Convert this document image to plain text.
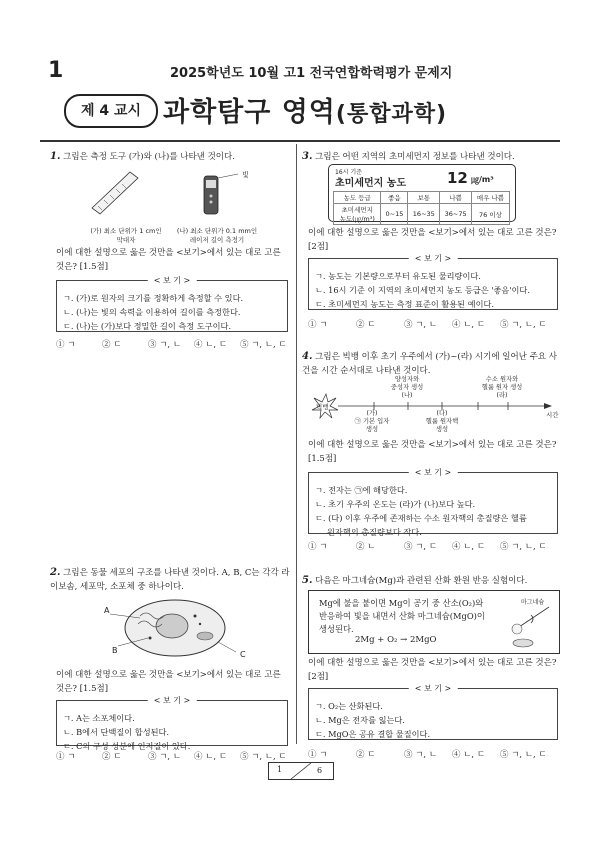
1	2025학년도 10월 고1 전국연합학력평가 문제지
제 4 교시 과학탐구 영역(통합과학)
1. 그림은 측정 도구 (가)와 (나)를 나타낸 것이다.
빛
(가) 최소 단위가 1 cm인
막대자
(나) 최소 단위가 0.1 mm인
레이저 길이 측정기
이에 대한 설명으로 옳은 것만을 <보기>에서 있는 대로 고른 것은? [1.5점]
< 보 기 >
ㄱ. (가)로 원자의 크기를 정확하게 측정할 수 있다.
ㄴ. (나)는 빛의 속력을 이용하여 길이를 측정한다.
ㄷ. (나)는 (가)보다 정밀한 길이 측정 도구이다.
① ㄱ	② ㄷ	③ ㄱ, ㄴ	④ ㄴ, ㄷ	⑤ ㄱ, ㄴ, ㄷ
2. 그림은 동물 세포의 구조를 나타낸 것이다. A, B, C는 각각 라이보솜, 세포막, 소포체 중 하나이다.
A
B	C
이에 대한 설명으로 옳은 것만을 <보기>에서 있는 대로 고른 것은? [1.5점]
< 보 기 >
ㄱ. A는 소포체이다.
ㄴ. B에서 단백질이 합성된다.
ㄷ. C의 구성 성분에 인지질이 있다.
① ㄱ	② ㄷ	③ ㄱ, ㄴ	④ ㄴ, ㄷ	⑤ ㄱ, ㄴ, ㄷ
3. 그림은 어떤 지역의 초미세먼지 정보를 나타낸 것이다.
16시 기준
초미세먼지 농도	12 ㎍/m³
농도 등급	좋음	보통	나쁨	매우 나쁨

초미세먼지
농도(㎍/m³)	0~15	16~35	36~75	76 이상
이에 대한 설명으로 옳은 것만을 <보기>에서 있는 대로 고른 것은? [2점]
< 보 기 >
ㄱ. 농도는 기본량으로부터 유도된 물리량이다.
ㄴ. 16시 기준 이 지역의 초미세먼지 농도 등급은 '좋음'이다.
ㄷ. 초미세먼지 농도는 측정 표준이 활용된 예이다.
① ㄱ	② ㄷ	③ ㄱ, ㄴ	④ ㄴ, ㄷ	⑤ ㄱ, ㄴ, ㄷ
4. 그림은 빅뱅 이후 초기 우주에서 (가)~(라) 시기에 일어난 주요 사건을 시간 순서대로 나타낸 것이다.
빅뱅
시간
양성자와
중성자 생성
(나)
수소 원자와
헬륨 원자 생성
(라)
(가)
㉠ 기본 입자
생성
(다)
헬륨 원자핵
생성
이에 대한 설명으로 옳은 것만을 <보기>에서 있는 대로 고른 것은? [1.5점]
< 보 기 >
ㄱ. 전자는 ㉠에 해당한다.
ㄴ. 초기 우주의 온도는 (라)가 (나)보다 높다.
ㄷ. (다) 이후 우주에 존재하는 수소 원자핵의 총질량은 헬륨
원자핵의 총질량보다 작다.
① ㄱ	② ㄴ	③ ㄱ, ㄷ	④ ㄴ, ㄷ	⑤ ㄱ, ㄴ, ㄷ
5. 다음은 마그네슘(Mg)과 관련된 산화 환원 반응 실험이다.
Mg에 불을 붙이면 Mg이 공기 중 산소(O₂)와
반응하여 빛을 내면서 산화 마그네슘(MgO)이
생성된다.
2Mg + O₂ → 2MgO
마그네슘
이에 대한 설명으로 옳은 것만을 <보기>에서 있는 대로 고른 것은? [2점]
< 보 기 >
ㄱ. O₂는 산화된다.
ㄴ. Mg은 전자를 잃는다.
ㄷ. MgO은 공유 결합 물질이다.
① ㄱ	② ㄷ	③ ㄱ, ㄴ	④ ㄴ, ㄷ	⑤ ㄱ, ㄴ, ㄷ
1	6
